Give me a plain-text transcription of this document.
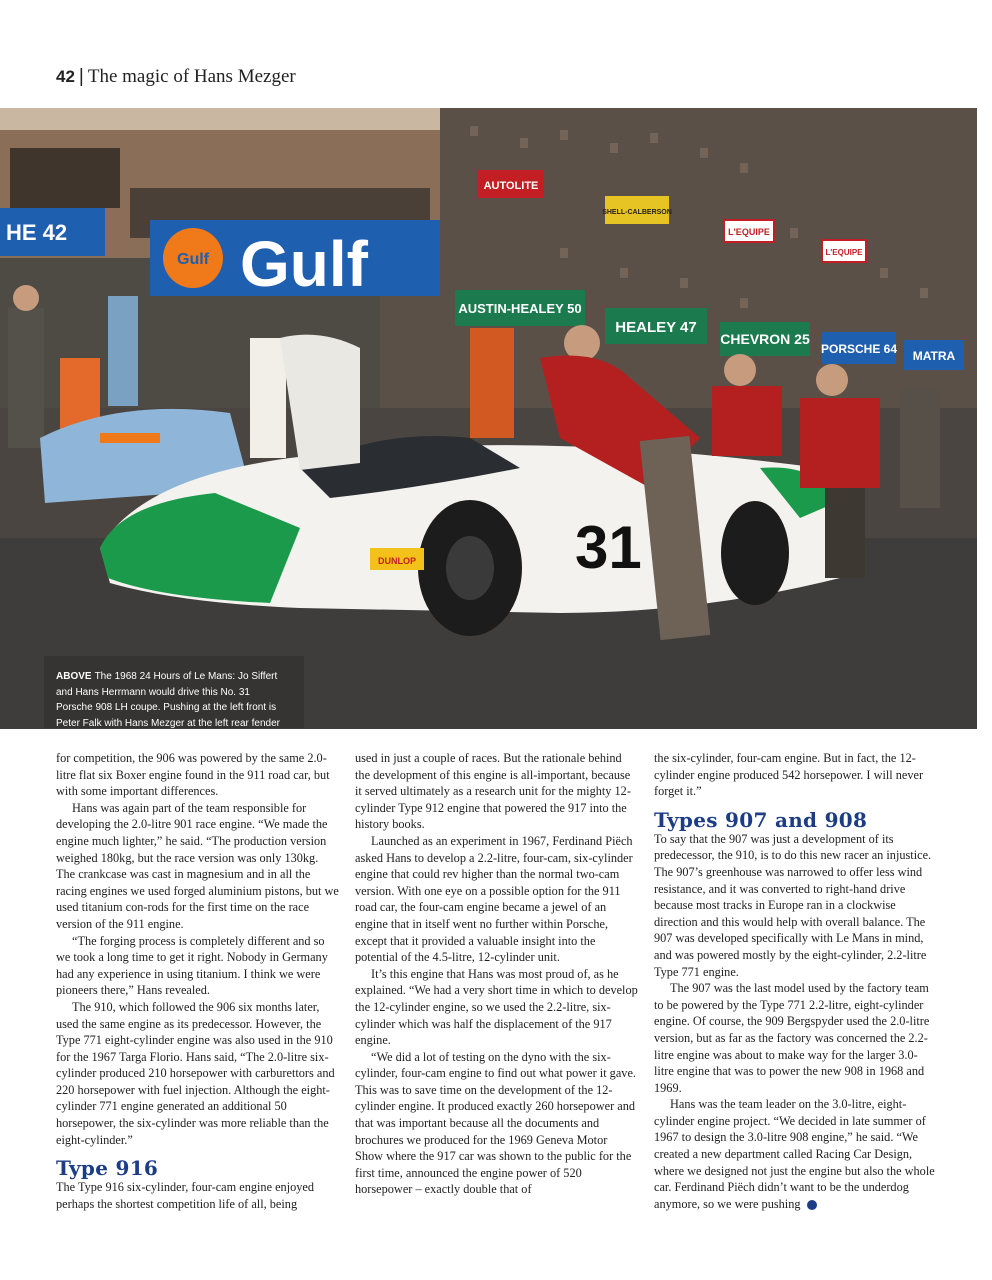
42 | The magic of Hans Mezger
HE 42
Gulf Gulf
AUTOLITE
SHELL-CALBERSON
L'EQUIPE
L'EQUIPE
AUSTIN-HEALEY 50
HEALEY 47
CHEVRON 25
PORSCHE 64 MATRA
31
DUNLOP
ABOVE The 1968 24 Hours of Le Mans: Jo Siffert and Hans Herrmann would drive this No. 31 Porsche 908 LH coupe. Pushing at the left front is Peter Falk with Hans Mezger at the left rear fender

for competition, the 906 was powered by the same 2.0-litre flat six Boxer engine found in the 911 road car, but with some important differences.

Hans was again part of the team responsible for developing the 2.0-litre 901 race engine. “We made the engine much lighter,” he said. “The production version weighed 180kg, but the race version was only 130kg. The crankcase was cast in magnesium and in all the racing engines we used forged aluminium pistons, but we used titanium con-rods for the first time on the race version of the 911 engine.

“The forging process is completely different and so we took a long time to get it right. Nobody in Germany had any experience in using titanium. I think we were pioneers there,” Hans revealed.

The 910, which followed the 906 six months later, used the same engine as its predecessor. However, the Type 771 eight-cylinder engine was also used in the 910 for the 1967 Targa Florio. Hans said, “The 2.0-litre six-cylinder produced 210 horsepower with carburettors and 220 horsepower with fuel injection. Although the eight-cylinder 771 engine generated an additional 50 horsepower, the six-cylinder was more reliable than the eight-cylinder.”

Type 916

The Type 916 six-cylinder, four-cam engine enjoyed perhaps the shortest competition life of all, being

used in just a couple of races. But the rationale behind the development of this engine is all-important, because it served ultimately as a research unit for the mighty 12-cylinder Type 912 engine that powered the 917 into the history books.

Launched as an experiment in 1967, Ferdinand Piëch asked Hans to develop a 2.2-litre, four-cam, six-cylinder engine that could rev higher than the normal two-cam version. With one eye on a possible option for the 911 road car, the four-cam engine became a jewel of an engine that in itself went no further within Porsche, except that it provided a valuable insight into the potential of the 4.5-litre, 12-cylinder unit.

It’s this engine that Hans was most proud of, as he explained. “We had a very short time in which to develop the 12-cylinder engine, so we used the 2.2-litre, six-cylinder which was half the displacement of the 917 engine.

“We did a lot of testing on the dyno with the six-cylinder, four-cam engine to find out what power it gave. This was to save time on the development of the 12-cylinder engine. It produced exactly 260 horsepower and that was important because all the documents and brochures we produced for the 1969 Geneva Motor Show where the 917 car was shown to the public for the first time, announced the engine power of 520 horsepower – exactly double that of

the six-cylinder, four-cam engine. But in fact, the 12-cylinder engine produced 542 horsepower. I will never forget it.”

Types 907 and 908

To say that the 907 was just a development of its predecessor, the 910, is to do this new racer an injustice. The 907’s greenhouse was narrowed to offer less wind resistance, and it was converted to right-hand drive because most tracks in Europe ran in a clockwise direction and this would help with overall balance. The 907 was developed specifically with Le Mans in mind, and was powered mostly by the eight-cylinder, 2.2-litre Type 771 engine.

The 907 was the last model used by the factory team to be powered by the Type 771 2.2-litre, eight-cylinder engine. Of course, the 909 Bergspyder used the 2.0-litre version, but as far as the factory was concerned the 2.2-litre engine was about to make way for the larger 3.0-litre engine that was to power the new 908 in 1968 and 1969.

Hans was the team leader on the 3.0-litre, eight-cylinder engine project. “We decided in late summer of 1967 to design the 3.0-litre 908 engine,” he said. “We created a new department called Racing Car Design, where we designed not just the engine but also the whole car. Ferdinand Piëch didn’t want to be the underdog anymore, so we were pushing	➜
